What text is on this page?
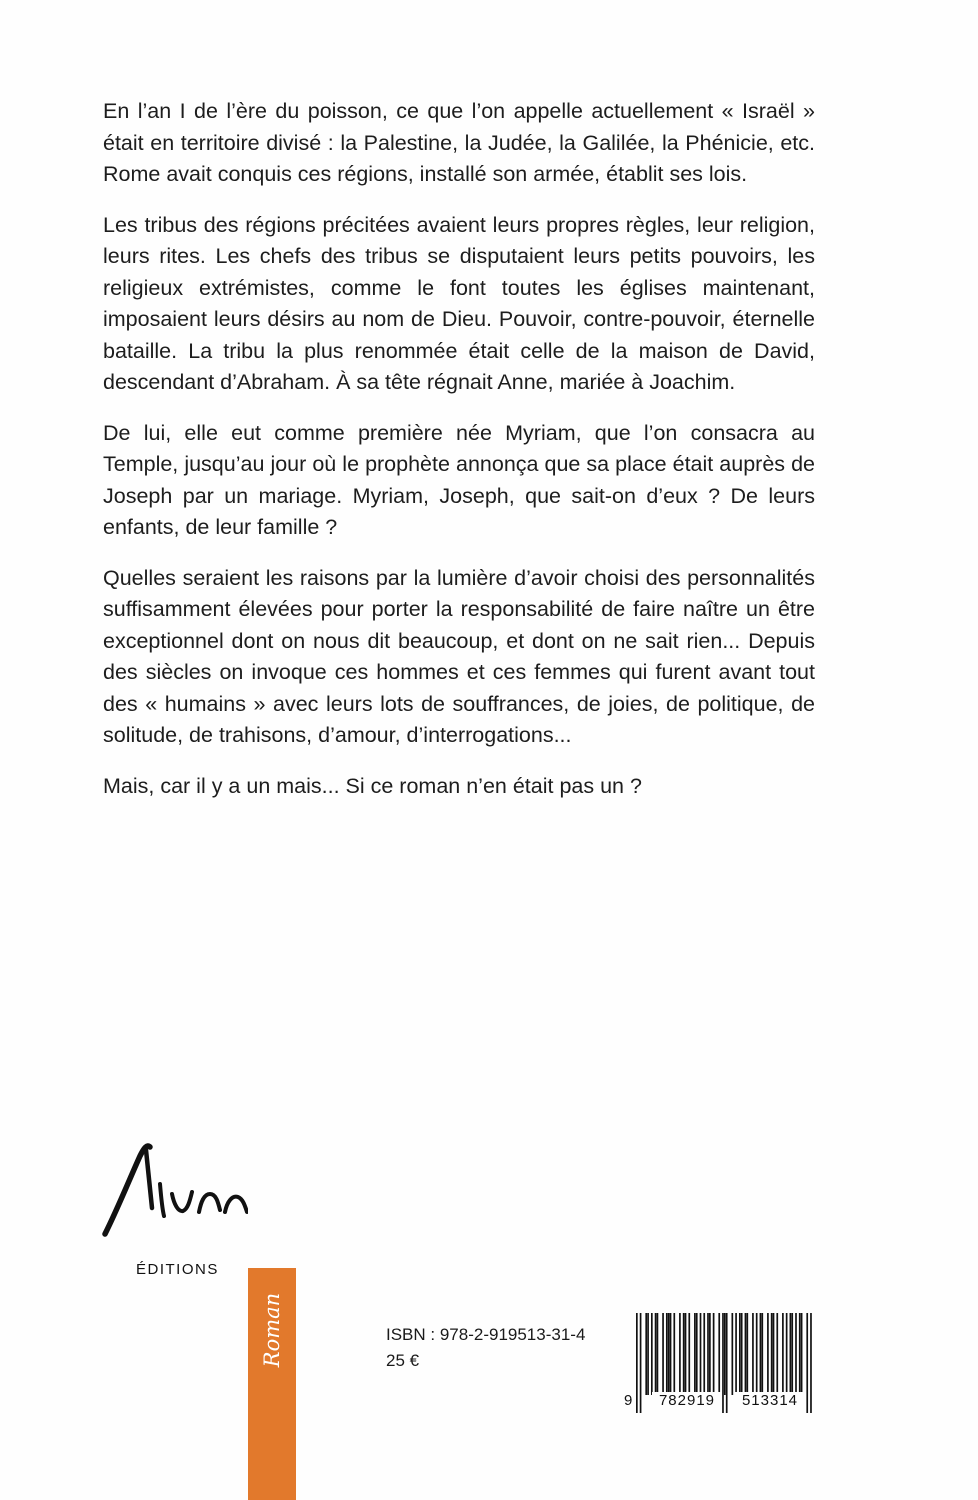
En l’an I de l’ère du poisson, ce que l’on appelle actuellement « Israël » était en territoire divisé : la Palestine, la Judée, la Galilée, la Phénicie, etc. Rome avait conquis ces régions, installé son armée, établit ses lois.

Les tribus des régions précitées avaient leurs propres règles, leur religion, leurs rites. Les chefs des tribus se disputaient leurs petits pouvoirs, les religieux extrémistes, comme le font toutes les églises maintenant, imposaient leurs désirs au nom de Dieu. Pouvoir, contre-pouvoir, éternelle bataille. La tribu la plus renommée était celle de la maison de David, descendant d’Abraham. À sa tête régnait Anne, mariée à Joachim.

De lui, elle eut comme première née Myriam, que l’on consacra au Temple, jusqu’au jour où le prophète annonça que sa place était auprès de Joseph par un mariage. Myriam, Joseph, que sait-on d’eux ? De leurs enfants, de leur famille ?

Quelles seraient les raisons par la lumière d’avoir choisi des personnalités suffisamment élevées pour porter la responsabilité de faire naître un être exceptionnel dont on nous dit beaucoup, et dont on ne sait rien... Depuis des siècles on invoque ces hommes et ces femmes qui furent avant tout des « humains » avec leurs lots de souffrances, de joies, de politique, de solitude, de trahisons, d’amour, d’interrogations...

Mais, car il y a un mais... Si ce roman n’en était pas un ?

ÉDITIONS
Roman	ISBN : 978-2-919513-31-4
25 €
9	782919	513314
